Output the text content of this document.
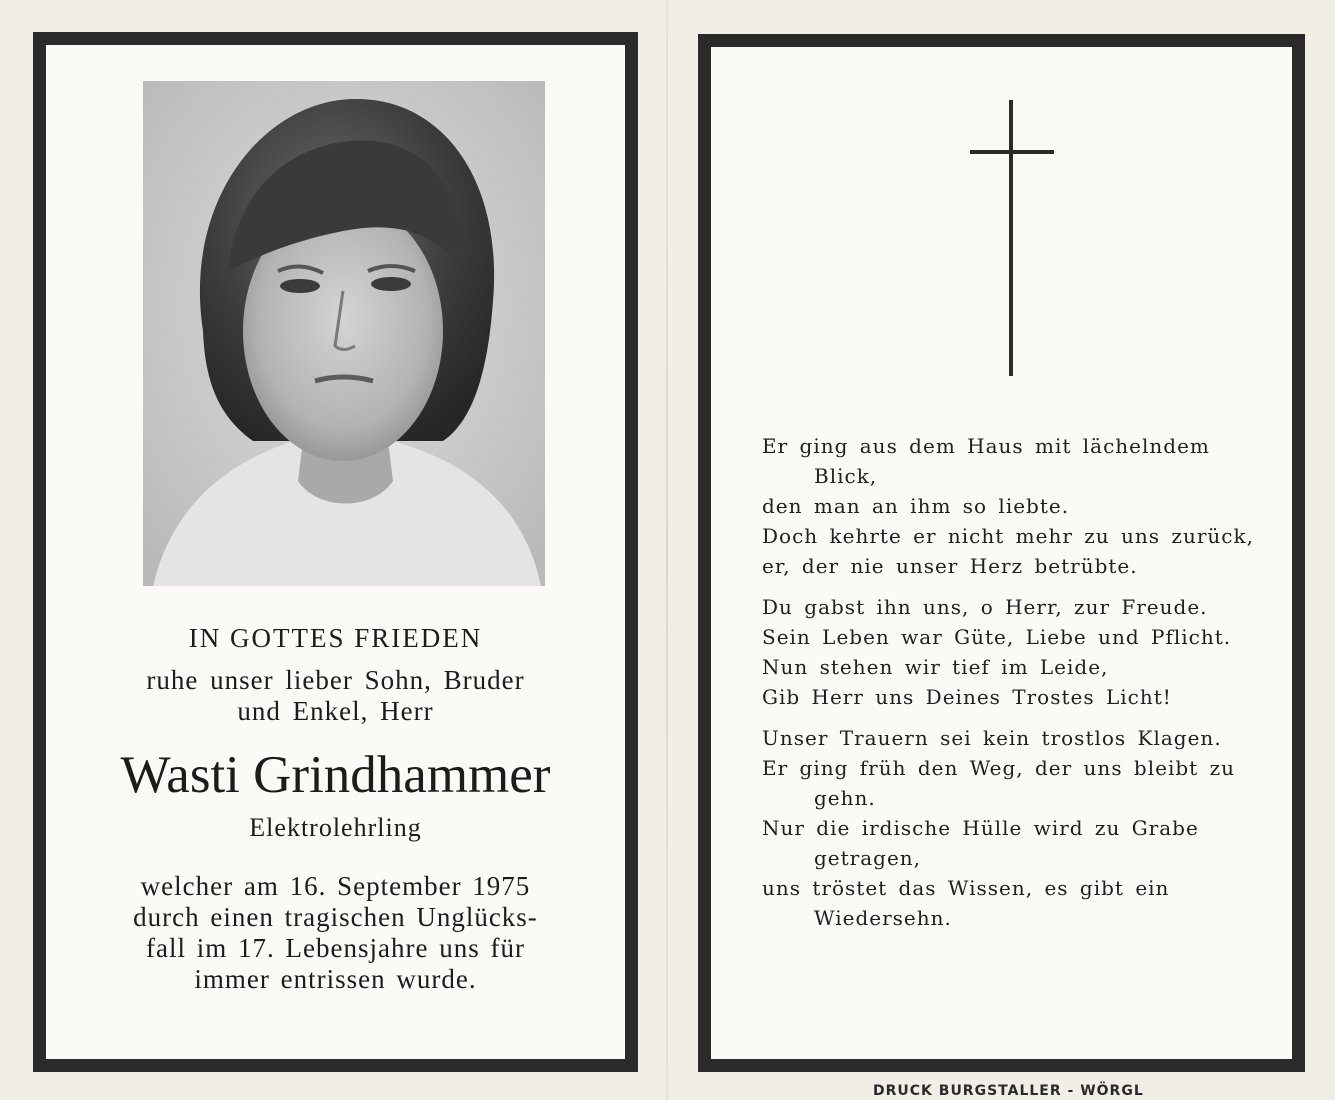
IN GOTTES FRIEDEN
ruhe unser lieber Sohn, Bruder
und Enkel, Herr
Wasti Grindhammer
Elektrolehrling
welcher am 16. September 1975
durch einen tragischen Unglücks-
fall im 17. Lebensjahre uns für
immer entrissen wurde.
Er ging aus dem Haus mit lächelndem
Blick,
den man an ihm so liebte.
Doch kehrte er nicht mehr zu uns zurück,
er, der nie unser Herz betrübte.
Du gabst ihn uns, o Herr, zur Freude.
Sein Leben war Güte, Liebe und Pflicht.
Nun stehen wir tief im Leide,
Gib Herr uns Deines Trostes Licht!
Unser Trauern sei kein trostlos Klagen.
Er ging früh den Weg, der uns bleibt zu
gehn.
Nur die irdische Hülle wird zu Grabe
getragen,
uns tröstet das Wissen, es gibt ein
Wiedersehn.
DRUCK BURGSTALLER - WÖRGL
